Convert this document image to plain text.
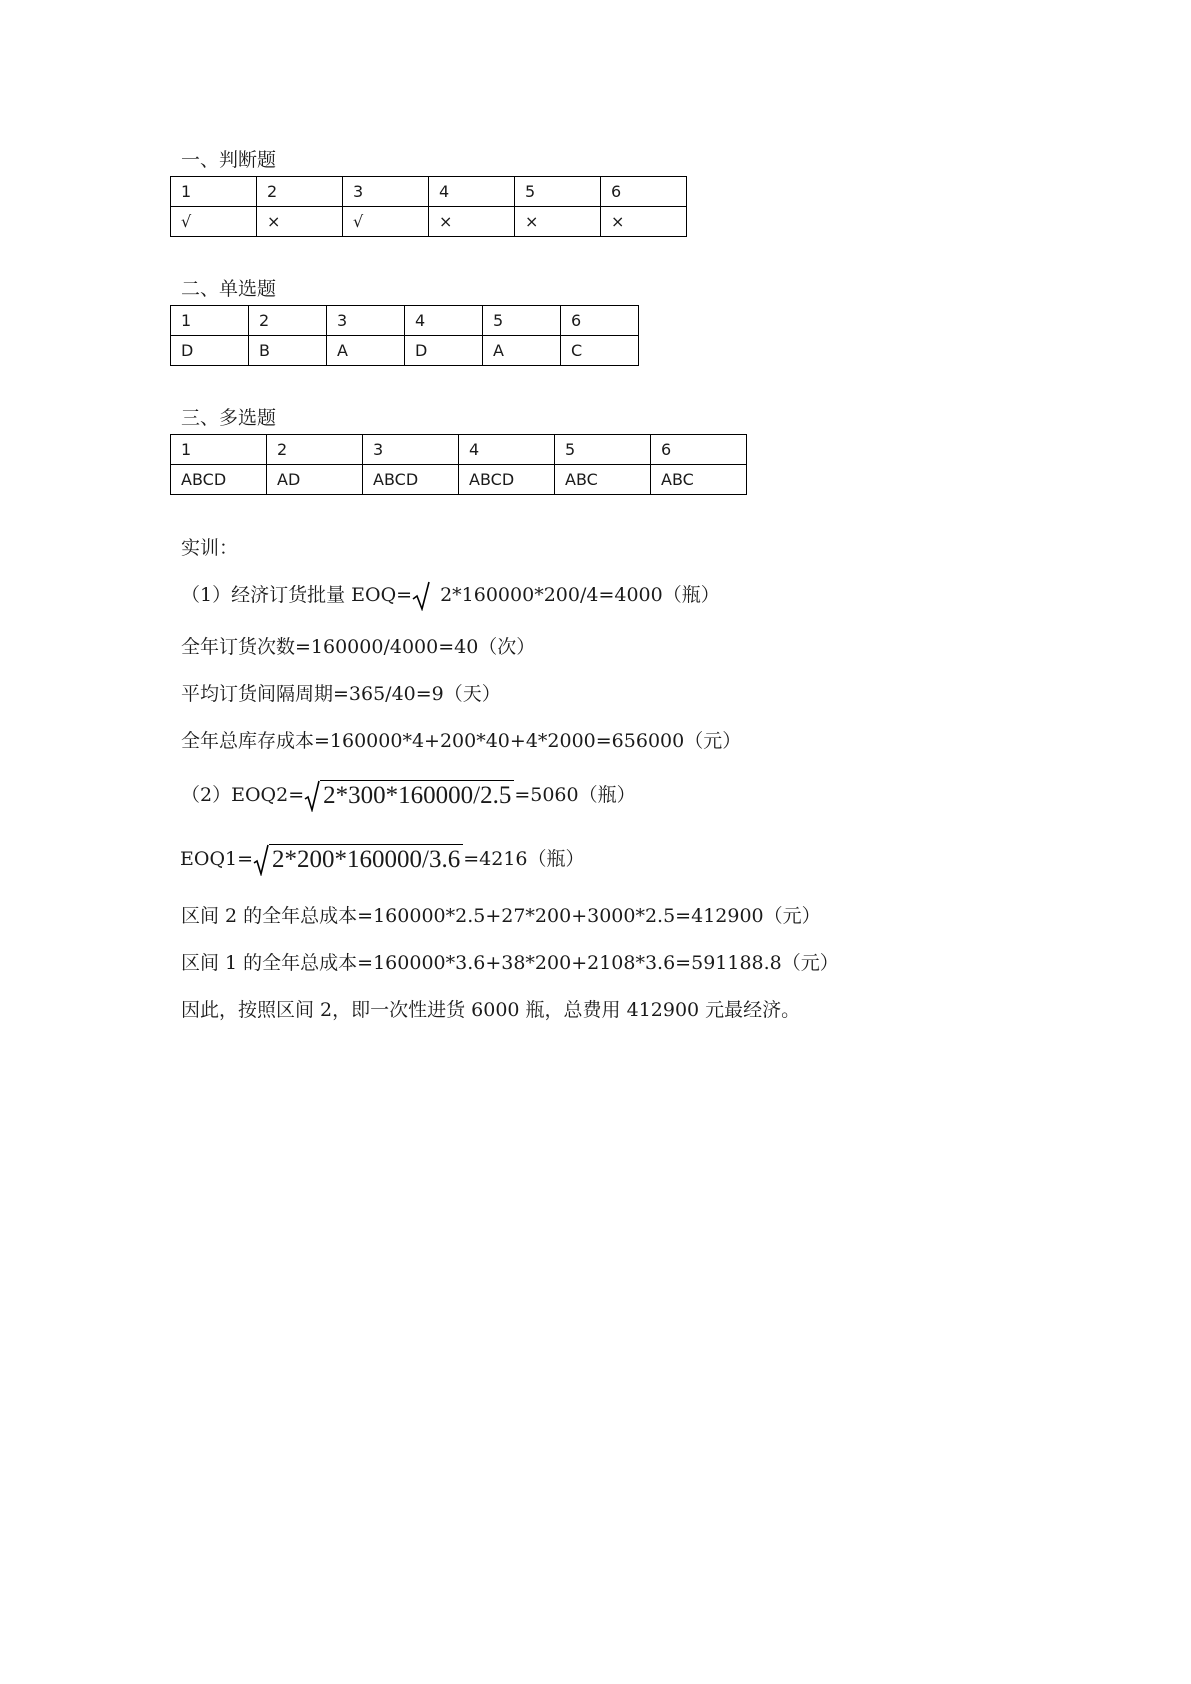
一、判断题
1	2	3	4	5	6
√	×	√	×	×	×
二、单选题
1	2	3	4	5	6
D	B	A	D	A	C
三、多选题
1	2	3	4	5	6
ABCD	AD	ABCD	ABCD	ABC	ABC
实训：
（1）经济订货批量 EOQ= 2*160000*200/4=4000（瓶）
全年订货次数=160000/4000=40（次）
平均订货间隔周期=365/40=9（天）
全年总库存成本=160000*4+200*40+4*2000=656000（元）
（2）EOQ2= 2*300*160000/2.5 =5060（瓶）
EOQ1= 2*200*160000/3.6 =4216（瓶）
区间 2 的全年总成本=160000*2.5+27*200+3000*2.5=412900（元）
区间 1 的全年总成本=160000*3.6+38*200+2108*3.6=591188.8（元）
因此，按照区间 2，即一次性进货 6000 瓶，总费用 412900 元最经济。
